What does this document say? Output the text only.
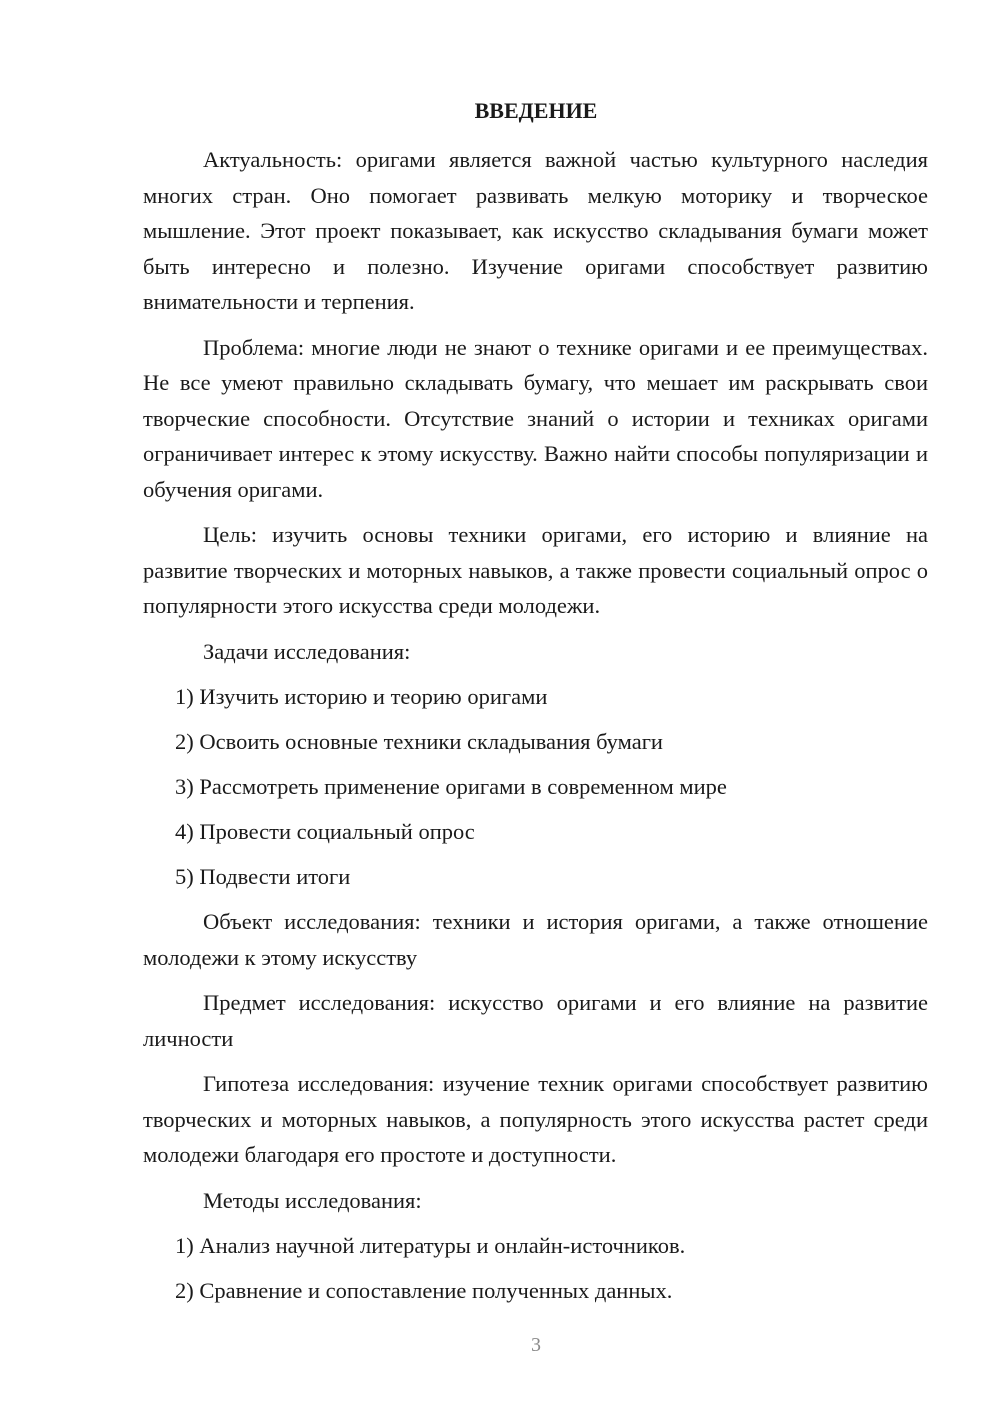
ВВЕДЕНИЕ

Актуальность: оригами является важной частью культурного наследия многих стран. Оно помогает развивать мелкую моторику и творческое мышление. Этот проект показывает, как искусство складывания бумаги может быть интересно и полезно. Изучение оригами способствует развитию внимательности и терпения.

Проблема: многие люди не знают о технике оригами и ее преимуществах. Не все умеют правильно складывать бумагу, что мешает им раскрывать свои творческие способности. Отсутствие знаний о истории и техниках оригами ограничивает интерес к этому искусству. Важно найти способы популяризации и обучения оригами.

Цель: изучить основы техники оригами, его историю и влияние на развитие творческих и моторных навыков, а также провести социальный опрос о популярности этого искусства среди молодежи.

Задачи исследования:

1) Изучить историю и теорию оригами
2) Освоить основные техники складывания бумаги
3) Рассмотреть применение оригами в современном мире
4) Провести социальный опрос
5) Подвести итоги

Объект исследования: техники и история оригами, а также отношение молодежи к этому искусству

Предмет исследования: искусство оригами и его влияние на развитие личности

Гипотеза исследования: изучение техник оригами способствует развитию творческих и моторных навыков, а популярность этого искусства растет среди молодежи благодаря его простоте и доступности.

Методы исследования:

1) Анализ научной литературы и онлайн-источников.
2) Сравнение и сопоставление полученных данных.
3
